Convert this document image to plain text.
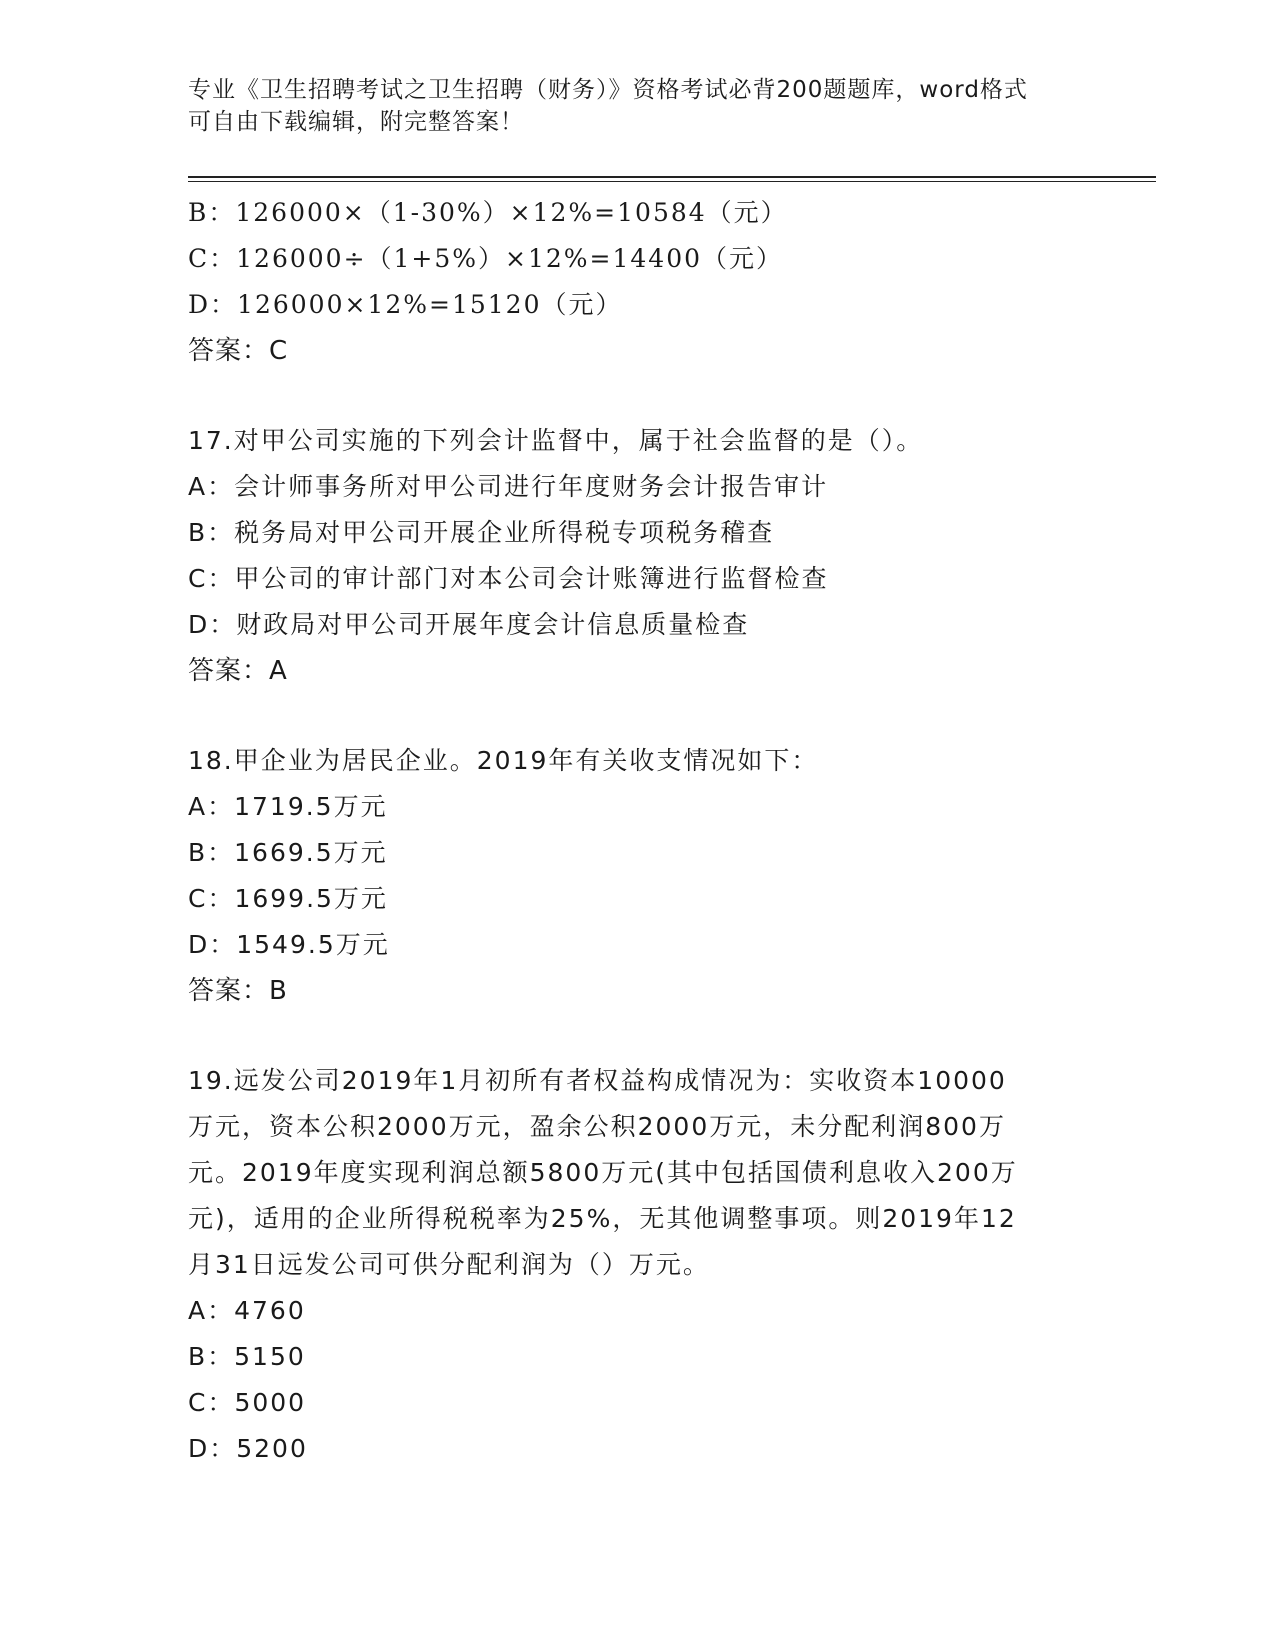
专业《卫生招聘考试之卫生招聘（财务）》资格考试必背200题题库，word格式
可自由下载编辑，附完整答案！
B：126000×（1-30%）×12%=10584（元）
C：126000÷（1+5%）×12%=14400（元）
D：126000×12%=15120（元）
答案：C
17.对甲公司实施的下列会计监督中，属于社会监督的是（）。
A：会计师事务所对甲公司进行年度财务会计报告审计
B：税务局对甲公司开展企业所得税专项税务稽查
C：甲公司的审计部门对本公司会计账簿进行监督检查
D：财政局对甲公司开展年度会计信息质量检查
答案：A
18.甲企业为居民企业。2019年有关收支情况如下：
A：1719.5万元
B：1669.5万元
C：1699.5万元
D：1549.5万元
答案：B
19.远发公司2019年1月初所有者权益构成情况为：实收资本10000
万元，资本公积2000万元，盈余公积2000万元，未分配利润800万
元。2019年度实现利润总额5800万元(其中包括国债利息收入200万
元)，适用的企业所得税税率为25%，无其他调整事项。则2019年12
月31日远发公司可供分配利润为（）万元。
A：4760
B：5150
C：5000
D：5200
